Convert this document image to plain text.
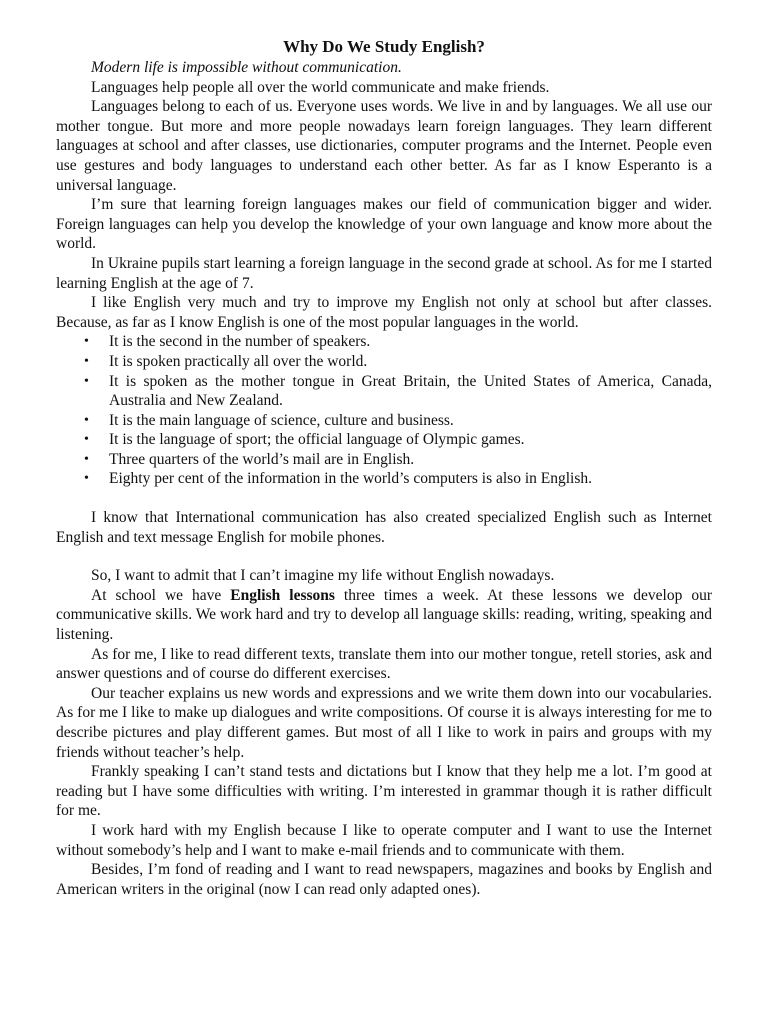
Why Do We Study English?

Modern life is impossible without communication.

Languages help people all over the world communicate and make friends.

Languages belong to each of us. Everyone uses words. We live in and by languages. We all use our mother tongue. But more and more people nowadays learn foreign languages. They learn different languages at school and after classes, use dictionaries, computer programs and the Internet. People even use gestures and body languages to understand each other better. As far as I know Esperanto is a universal language.

I’m sure that learning foreign languages makes our field of communication bigger and wider. Foreign languages can help you develop the knowledge of your own language and know more about the world.

In Ukraine pupils start learning a foreign language in the second grade at school. As for me I started learning English at the age of 7.

I like English very much and try to improve my English not only at school but after classes. Because, as far as I know English is one of the most popular languages in the world.

• It is the second in the number of speakers.
• It is spoken practically all over the world.
• It is spoken as the mother tongue in Great Britain, the United States of America, Canada, Australia and New Zealand.
• It is the main language of science, culture and business.
• It is the language of sport; the official language of Olympic games.
• Three quarters of the world’s mail are in English.
• Eighty per cent of the information in the world’s computers is also in English.

I know that International communication has also created specialized English such as Internet English and text message English for mobile phones.

So, I want to admit that I can’t imagine my life without English nowadays.

At school we have English lessons three times a week. At these lessons we develop our communicative skills. We work hard and try to develop all language skills: reading, writing, speaking and listening.

As for me, I like to read different texts, translate them into our mother tongue, retell stories, ask and answer questions and of course do different exercises.

Our teacher explains us new words and expressions and we write them down into our vocabularies. As for me I like to make up dialogues and write compositions. Of course it is always interesting for me to describe pictures and play different games. But most of all I like to work in pairs and groups with my friends without teacher’s help.

Frankly speaking I can’t stand tests and dictations but I know that they help me a lot. I’m good at reading but I have some difficulties with writing. I’m interested in grammar though it is rather difficult for me.

I work hard with my English because I like to operate computer and I want to use the Internet without somebody’s help and I want to make e-mail friends and to communicate with them.

Besides, I’m fond of reading and I want to read newspapers, magazines and books by English and American writers in the original (now I can read only adapted ones).
